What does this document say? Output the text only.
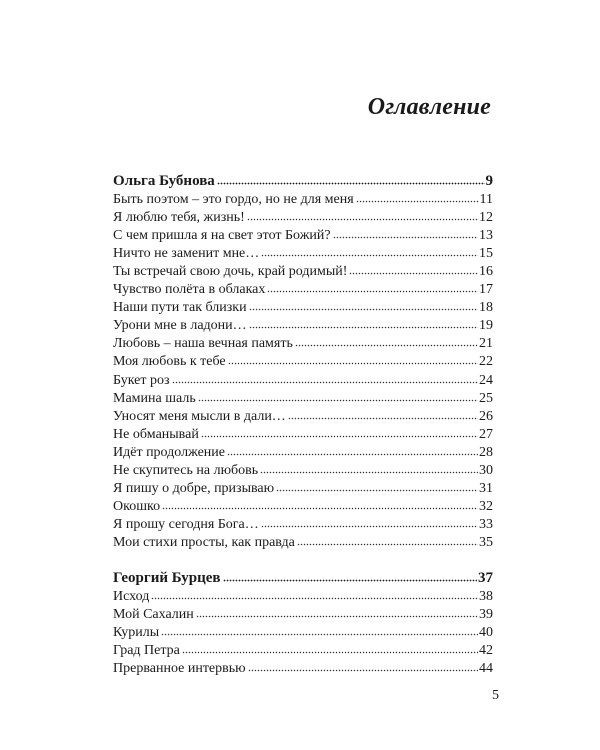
Оглавление
Ольга Бубнова	9
Быть поэтом – это гордо, но не для меня	11
Я люблю тебя, жизнь!	12
С чем пришла я на свет этот Божий?	13
Ничто не заменит мне…	15
Ты встречай свою дочь, край родимый!	16
Чувство полёта в облаках	17
Наши пути так близки	18
Урони мне в ладони…	19
Любовь – наша вечная память	21
Моя любовь к тебе	22
Букет роз	24
Мамина шаль	25
Уносят меня мысли в дали…	26
Не обманывай	27
Идёт продолжение	28
Не скупитесь на любовь	30
Я пишу о добре, призываю	31
Окошко	32
Я прошу сегодня Бога…	33
Мои стихи просты, как правда	35
Георгий Бурцев	37
Исход	38
Мой Сахалин	39
Курилы	40
Град Петра	42
Прерванное интервью	44
5
